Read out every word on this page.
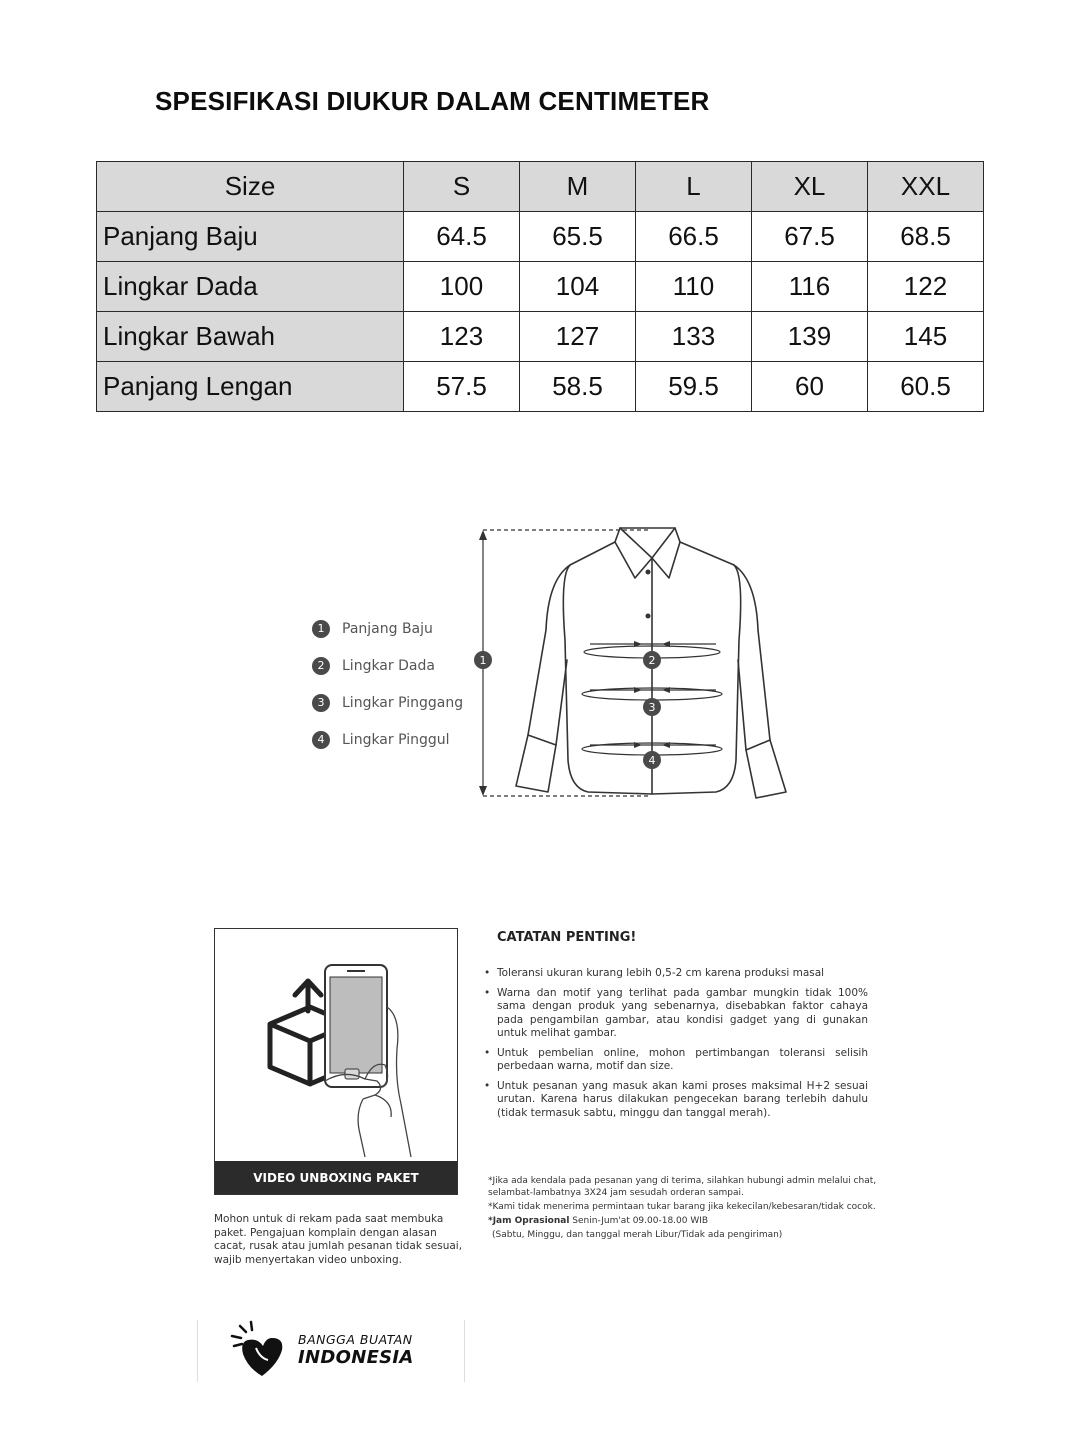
SPESIFIKASI DIUKUR DALAM CENTIMETER
Size	S	M	L	XL	XXL
Panjang Baju	64.5	65.5	66.5	67.5	68.5
Lingkar Dada	100	104	110	116	122
Lingkar Bawah	123	127	133	139	145
Panjang Lengan	57.5	58.5	59.5	60	60.5
1	Panjang Baju
2	Lingkar Dada
3	Lingkar Pinggang
4	Lingkar Pinggul
1	2
3
4
VIDEO UNBOXING PAKET
Mohon untuk di rekam pada saat membuka paket. Pengajuan komplain dengan alasan cacat, rusak atau jumlah pesanan tidak sesuai, wajib menyertakan video unboxing.
CATATAN PENTING!
• Toleransi ukuran kurang lebih 0,5-2 cm karena produksi masal
• Warna dan motif yang terlihat pada gambar mungkin tidak 100% sama dengan produk yang sebenarnya, disebabkan faktor cahaya pada pengambilan gambar, atau kondisi gadget yang di gunakan untuk melihat gambar.
• Untuk pembelian online, mohon pertimbangan toleransi selisih perbedaan warna, motif dan size.
• Untuk pesanan yang masuk akan kami proses maksimal H+2 sesuai urutan. Karena harus dilakukan pengecekan barang terlebih dahulu (tidak termasuk sabtu, minggu dan tanggal merah).
*Jika ada kendala pada pesanan yang di terima, silahkan hubungi admin melalui chat, selambat-lambatnya 3X24 jam sesudah orderan sampai.
*Kami tidak menerima permintaan tukar barang jika kekecilan/kebesaran/tidak cocok.
*Jam Oprasional Senin-Jum'at 09.00-18.00 WIB
(Sabtu, Minggu, dan tanggal merah Libur/Tidak ada pengiriman)
BANGGA BUATAN
INDONESIA
